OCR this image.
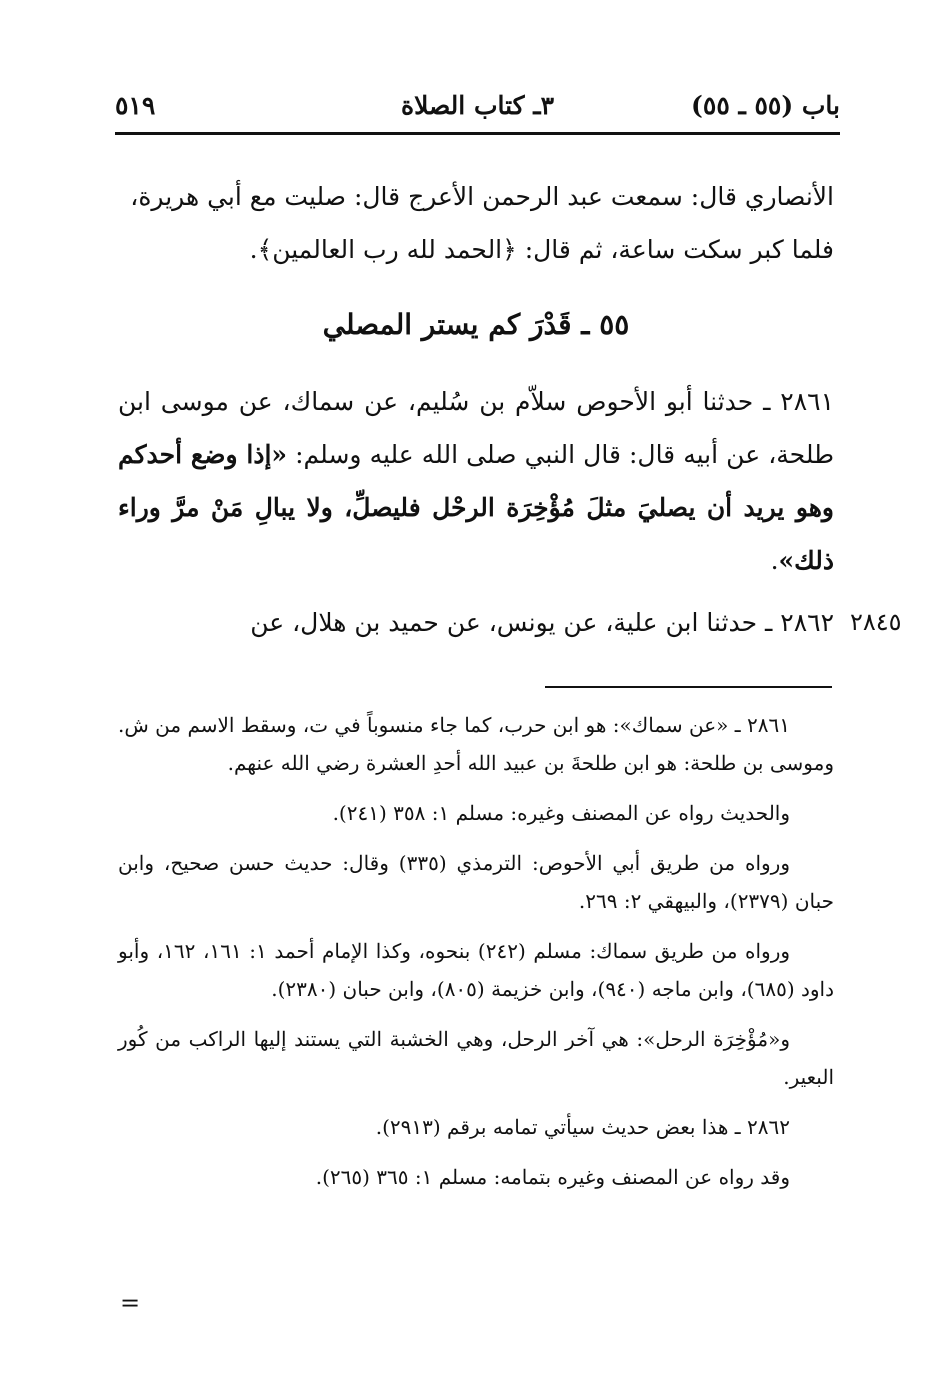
باب (٥٥ ـ ٥٥)
٣ـ كتاب الصلاة
٥١٩

الأنصاري قال: سمعت عبد الرحمن الأعرج قال: صليت مع أبي هريرة،

فلما كبر سكت ساعة، ثم قال: ﴿الحمد لله رب العالمين﴾.

٥٥ ـ قَدْرَ كم يستر المصلي

٢٨٦١ ـ حدثنا أبو الأحوص سلاّم بن سُليم، عن سماك، عن موسى ابن طلحة، عن أبيه قال: قال النبي صلى الله عليه وسلم: «إذا وضع أحدكم وهو يريد أن يصليَ مثلَ مُؤْخِرَة الرحْل فليصلِّ، ولا يبالِ مَنْ مرَّ وراء ذلك».

٢٨٦٢ ـ حدثنا ابن علية، عن يونس، عن حميد بن هلال، عن ٢٨٤٥

٢٨٦١ ـ «عن سماك»: هو ابن حرب، كما جاء منسوباً في ت، وسقط الاسم من ش. وموسى بن طلحة: هو ابن طلحةَ بن عبيد الله أحدِ العشرة رضي الله عنهم.

والحديث رواه عن المصنف وغيره: مسلم ١: ٣٥٨ (٢٤١).

ورواه من طريق أبي الأحوص: الترمذي (٣٣٥) وقال: حديث حسن صحيح، وابن حبان (٢٣٧٩)، والبيهقي ٢: ٢٦٩.

ورواه من طريق سماك: مسلم (٢٤٢) بنحوه، وكذا الإمام أحمد ١: ١٦١، ١٦٢، وأبو داود (٦٨٥)، وابن ماجه (٩٤٠)، وابن خزيمة (٨٠٥)، وابن حبان (٢٣٨٠).

و«مُؤْخِرَة الرحل»: هي آخر الرحل، وهي الخشبة التي يستند إليها الراكب من كُور البعير.

٢٨٦٢ ـ هذا بعض حديث سيأتي تمامه برقم (٢٩١٣).

وقد رواه عن المصنف وغيره بتمامه: مسلم ١: ٣٦٥ (٢٦٥).

=
